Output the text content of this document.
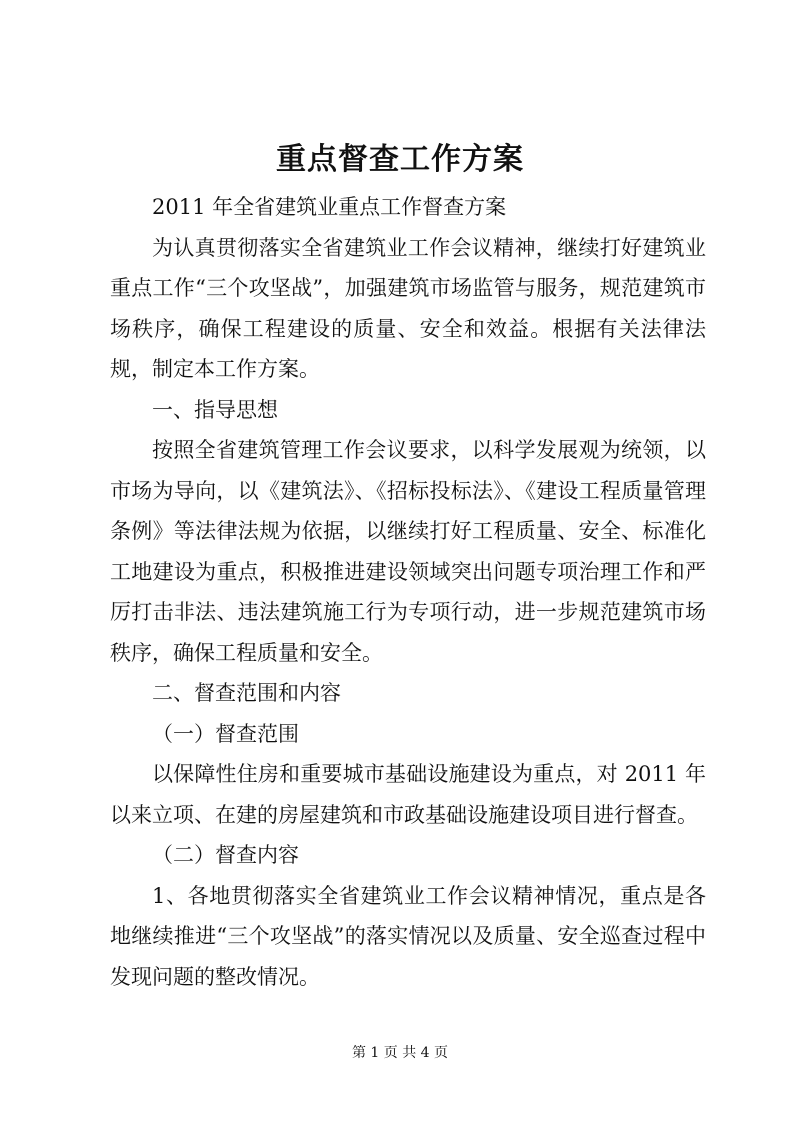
重点督查工作方案

2011 年全省建筑业重点工作督查方案

为认真贯彻落实全省建筑业工作会议精神，继续打好建筑业重点工作“三个攻坚战”，加强建筑市场监管与服务，规范建筑市场秩序，确保工程建设的质量、安全和效益。根据有关法律法规，制定本工作方案。

一、指导思想

按照全省建筑管理工作会议要求，以科学发展观为统领，以市场为导向，以《建筑法》、《招标投标法》、《建设工程质量管理条例》等法律法规为依据，以继续打好工程质量、安全、标准化工地建设为重点，积极推进建设领域突出问题专项治理工作和严厉打击非法、违法建筑施工行为专项行动，进一步规范建筑市场秩序，确保工程质量和安全。

二、督查范围和内容

（一）督查范围

以保障性住房和重要城市基础设施建设为重点，对 2011 年以来立项、在建的房屋建筑和市政基础设施建设项目进行督查。

（二）督查内容

1、各地贯彻落实全省建筑业工作会议精神情况，重点是各地继续推进“三个攻坚战”的落实情况以及质量、安全巡查过程中发现问题的整改情况。

第 1 页 共 4 页
